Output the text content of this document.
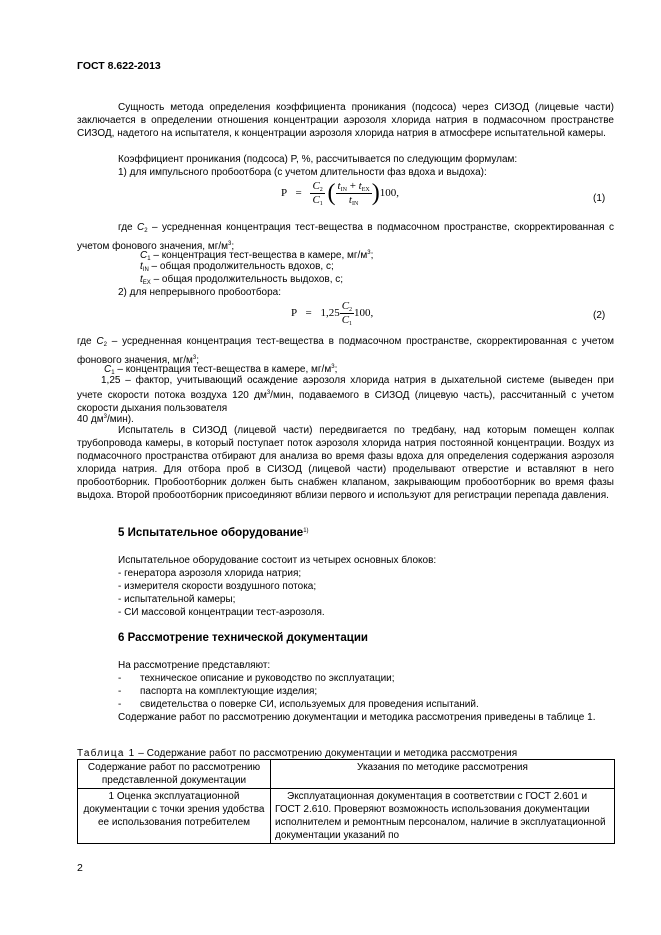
ГОСТ 8.622-2013
Сущность метода определения коэффициента проникания (подсоса) через СИЗОД (лицевые части) заключается в определении отношения концентрации аэрозоля хлорида натрия в подмасочном пространстве СИЗОД, надетого на испытателя, к концентрации аэрозоля хлорида натрия в атмосфере испытательной камеры.
Коэффициент проникания (подсоса) P, %, рассчитывается по следующим формулам:
1) для импульсного пробоотбора (с учетом длительности фаз вдоха и выдоха):
$P = \frac{C_2}{C_1}$ ( $\frac{t_{IN} + t_{EX}}{t_{IN}} )100$,	(1)
где $C_2$ – усредненная концентрация тест-вещества в подмасочном пространстве, скорректированная с учетом фонового значения, $мг/м^3$;
$C_1$ – концентрация тест-вещества в камере, $мг/м^3$;
$t_{IN}$ – общая продолжительность вдохов, с;
$t_{EX}$ – общая продолжительность выдохов, с;
2) для непрерывного пробоотбора:
$P = 1,25 \frac{C_2}{C_1} 100$,	(2)
где $C_2$ – усредненная концентрация тест-вещества в подмасочном пространстве, скорректированная с учетом фонового значения, $мг/м^3$;
$C_1$ – концентрация тест-вещества в камере, $мг/м^3$;
1,25 – фактор, учитывающий осаждение аэрозоля хлорида натрия в дыхательной системе (выведен при учете скорости потока воздуха 120 $дм^3$/мин, подаваемого в СИЗОД (лицевую часть), рассчитанный с учетом скорости дыхания пользователя
40 $дм^3/мин$).
Испытатель в СИЗОД (лицевой части) передвигается по тредбану, над которым помещен колпак трубопровода камеры, в который поступает поток аэрозоля хлорида натрия постоянной концентрации. Воздух из подмасочного пространства отбирают для анализа во время фазы вдоха для определения содержания аэрозоля хлорида натрия. Для отбора проб в СИЗОД (лицевой части) проделывают отверстие и вставляют в него пробоотборник. Пробоотборник должен быть снабжен клапаном, закрывающим пробоотборник во время фазы выдоха. Второй пробоотборник присоединяют вблизи первого и используют для регистрации перепада давления.
5 Испытательное оборудование$^{1)}$
Испытательное оборудование состоит из четырех основных блоков:
- генератора аэрозоля хлорида натрия;
- измерителя скорости воздушного потока;
- испытательной камеры;
- СИ массовой концентрации тест-аэрозоля.
6 Рассмотрение технической документации
На рассмотрение представляют:
- техническое описание и руководство по эксплуатации;
- паспорта на комплектующие изделия;
- свидетельства о поверке СИ, используемых для проведения испытаний.
Содержание работ по рассмотрению документации и методика рассмотрения приведены в таблице 1.
Таблица 1 – Содержание работ по рассмотрению документации и методика рассмотрения
Содержание работ по рассмотрению представленной документации	Указания по методике рассмотрения
1 Оценка эксплуатационной документации с точки зрения удобства ее использования потребителем	Эксплуатационная документация в соответствии с ГОСТ 2.601 и ГОСТ 2.610. Проверяют возможность использования документации исполнителем и ремонтным персоналом, наличие в эксплуатационной документации указаний по
2
